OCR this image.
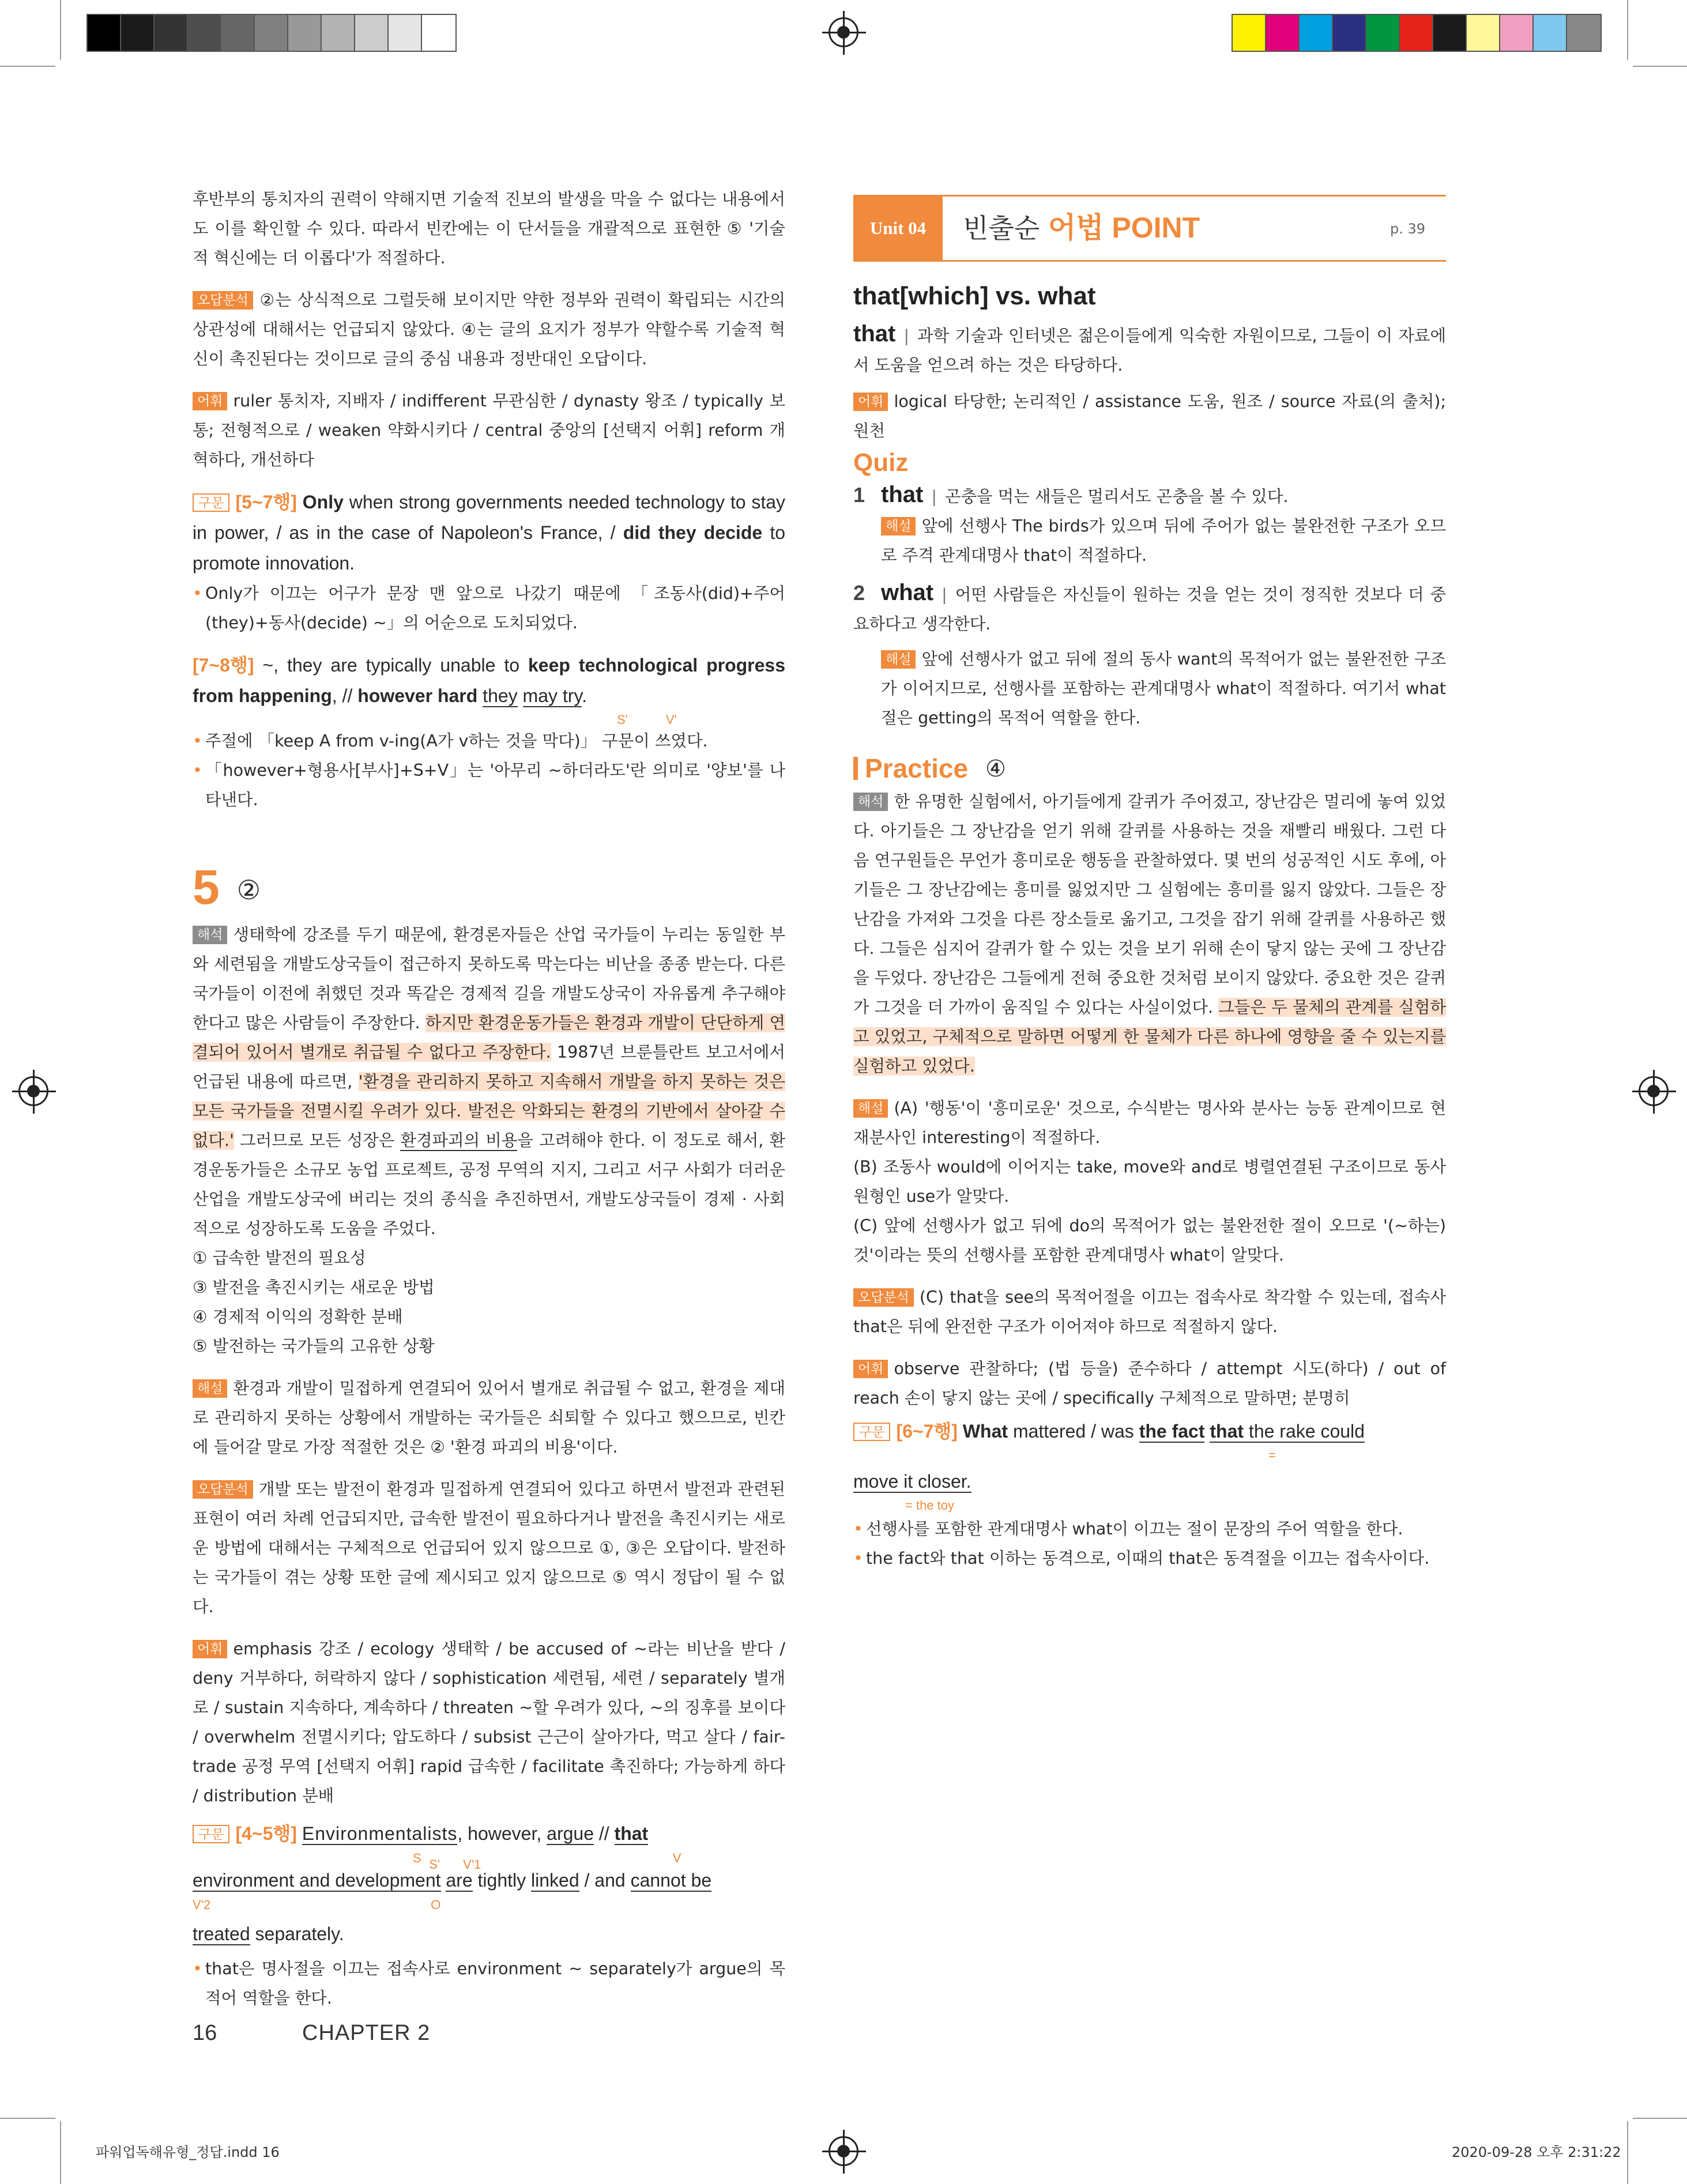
후반부의 통치자의 권력이 약해지면 기술적 진보의 발생을 막을 수 없다는 내용에서도 이를 확인할 수 있다. 따라서 빈칸에는 이 단서들을 개괄적으로 표현한 ⑤ '기술적 혁신에는 더 이롭다'가 적절하다.

오답분석 ②는 상식적으로 그럴듯해 보이지만 약한 정부와 권력이 확립되는 시간의 상관성에 대해서는 언급되지 않았다. ④는 글의 요지가 정부가 약할수록 기술적 혁신이 촉진된다는 것이므로 글의 중심 내용과 정반대인 오답이다.

어휘 ruler 통치자, 지배자 / indifferent 무관심한 / dynasty 왕조 / typically 보통; 전형적으로 / weaken 약화시키다 / central 중앙의 [선택지 어휘] reform 개혁하다, 개선하다

구문 [5~7행] Only when strong governments needed technology to stay in power, / as in the case of Napoleon's France, / did they decide to promote innovation.

• Only가 이끄는 어구가 문장 맨 앞으로 나갔기 때문에 「조동사(did)+주어(they)+동사(decide) ~」의 어순으로 도치되었다.

[7~8행] ~, they are typically unable to keep technological progress from happening, // however hard they may try.

S'	V'

• 주절에 「keep A from v-ing(A가 v하는 것을 막다)」 구문이 쓰였다.

• 「however+형용사[부사]+S+V」는 '아무리 ~하더라도'란 의미로 '양보'를 나타낸다.

5 ②

해석 생태학에 강조를 두기 때문에, 환경론자들은 산업 국가들이 누리는 동일한 부와 세련됨을 개발도상국들이 접근하지 못하도록 막는다는 비난을 종종 받는다. 다른 국가들이 이전에 취했던 것과 똑같은 경제적 길을 개발도상국이 자유롭게 추구해야 한다고 많은 사람들이 주장한다. 하지만 환경운동가들은 환경과 개발이 단단하게 연결되어 있어서 별개로 취급될 수 없다고 주장한다. 1987년 브룬틀란트 보고서에서 언급된 내용에 따르면, '환경을 관리하지 못하고 지속해서 개발을 하지 못하는 것은 모든 국가들을 전멸시킬 우려가 있다. 발전은 악화되는 환경의 기반에서 살아갈 수 없다.' 그러므로 모든 성장은 환경파괴의 비용을 고려해야 한다. 이 정도로 해서, 환경운동가들은 소규모 농업 프로젝트, 공정 무역의 지지, 그리고 서구 사회가 더러운 산업을 개발도상국에 버리는 것의 종식을 추진하면서, 개발도상국들이 경제 · 사회적으로 성장하도록 도움을 주었다.

① 급속한 발전의 필요성

③ 발전을 촉진시키는 새로운 방법

④ 경제적 이익의 정확한 분배

⑤ 발전하는 국가들의 고유한 상황

해설 환경과 개발이 밀접하게 연결되어 있어서 별개로 취급될 수 없고, 환경을 제대로 관리하지 못하는 상황에서 개발하는 국가들은 쇠퇴할 수 있다고 했으므로, 빈칸에 들어갈 말로 가장 적절한 것은 ② '환경 파괴의 비용'이다.

오답분석 개발 또는 발전이 환경과 밀접하게 연결되어 있다고 하면서 발전과 관련된 표현이 여러 차례 언급되지만, 급속한 발전이 필요하다거나 발전을 촉진시키는 새로운 방법에 대해서는 구체적으로 언급되어 있지 않으므로 ①, ③은 오답이다. 발전하는 국가들이 겪는 상황 또한 글에 제시되고 있지 않으므로 ⑤ 역시 정답이 될 수 없다.

어휘 emphasis 강조 / ecology 생태학 / be accused of ~라는 비난을 받다 / deny 거부하다, 허락하지 않다 / sophistication 세련됨, 세련 / separately 별개로 / sustain 지속하다, 계속하다 / threaten ~할 우려가 있다, ~의 징후를 보이다 / overwhelm 전멸시키다; 압도하다 / subsist 근근이 살아가다, 먹고 살다 / fair-trade 공정 무역 [선택지 어휘] rapid 급속한 / facilitate 촉진하다; 가능하게 하다 / distribution 분배

구문 [4~5행] Environmentalists, however, argue // that

S	V

environment and development are tightly linked / and cannot be

V'2	$O^{S'}$ $^{V'1}$

treated separately.

• that은 명사절을 이끄는 접속사로 environment ~ separately가 argue의 목적어 역할을 한다.

Unit 04	빈출순 어법 POINT	p. 39

that[which] vs. what

that | 과학 기술과 인터넷은 젊은이들에게 익숙한 자원이므로, 그들이 이 자료에서 도움을 얻으려 하는 것은 타당하다.

어휘 logical 타당한; 논리적인 / assistance 도움, 원조 / source 자료(의 출처); 원천

Quiz

1 that | 곤충을 먹는 새들은 멀리서도 곤충을 볼 수 있다.

해설 앞에 선행사 The birds가 있으며 뒤에 주어가 없는 불완전한 구조가 오므로 주격 관계대명사 that이 적절하다.

2 what | 어떤 사람들은 자신들이 원하는 것을 얻는 것이 정직한 것보다 더 중요하다고 생각한다.

해설 앞에 선행사가 없고 뒤에 절의 동사 want의 목적어가 없는 불완전한 구조가 이어지므로, 선행사를 포함하는 관계대명사 what이 적절하다. 여기서 what절은 getting의 목적어 역할을 한다.

Practice ④

해석 한 유명한 실험에서, 아기들에게 갈퀴가 주어졌고, 장난감은 멀리에 놓여 있었다. 아기들은 그 장난감을 얻기 위해 갈퀴를 사용하는 것을 재빨리 배웠다. 그런 다음 연구원들은 무언가 흥미로운 행동을 관찰하였다. 몇 번의 성공적인 시도 후에, 아기들은 그 장난감에는 흥미를 잃었지만 그 실험에는 흥미를 잃지 않았다. 그들은 장난감을 가져와 그것을 다른 장소들로 옮기고, 그것을 잡기 위해 갈퀴를 사용하곤 했다. 그들은 심지어 갈퀴가 할 수 있는 것을 보기 위해 손이 닿지 않는 곳에 그 장난감을 두었다. 장난감은 그들에게 전혀 중요한 것처럼 보이지 않았다. 중요한 것은 갈퀴가 그것을 더 가까이 움직일 수 있다는 사실이었다. 그들은 두 물체의 관계를 실험하고 있었고, 구체적으로 말하면 어떻게 한 물체가 다른 하나에 영향을 줄 수 있는지를 실험하고 있었다.

해설 (A) '행동'이 '흥미로운' 것으로, 수식받는 명사와 분사는 능동 관계이므로 현재분사인 interesting이 적절하다.

(B) 조동사 would에 이어지는 take, move와 and로 병렬연결된 구조이므로 동사원형인 use가 알맞다.

(C) 앞에 선행사가 없고 뒤에 do의 목적어가 없는 불완전한 절이 오므로 '(~하는) 것'이라는 뜻의 선행사를 포함한 관계대명사 what이 알맞다.

오답분석 (C) that을 see의 목적어절을 이끄는 접속사로 착각할 수 있는데, 접속사 that은 뒤에 완전한 구조가 이어져야 하므로 적절하지 않다.

어휘 observe 관찰하다; (법 등을) 준수하다 / attempt 시도(하다) / out of reach 손이 닿지 않는 곳에 / specifically 구체적으로 말하면; 분명히

구문 [6~7행] What mattered / was the fact that the rake could

=

move it closer.

= the toy

• 선행사를 포함한 관계대명사 what이 이끄는 절이 문장의 주어 역할을 한다.

• the fact와 that 이하는 동격으로, 이때의 that은 동격절을 이끄는 접속사이다.

16	CHAPTER 2
파워업독해유형_정답.indd 16	2020-09-28 오후 2:31:22
